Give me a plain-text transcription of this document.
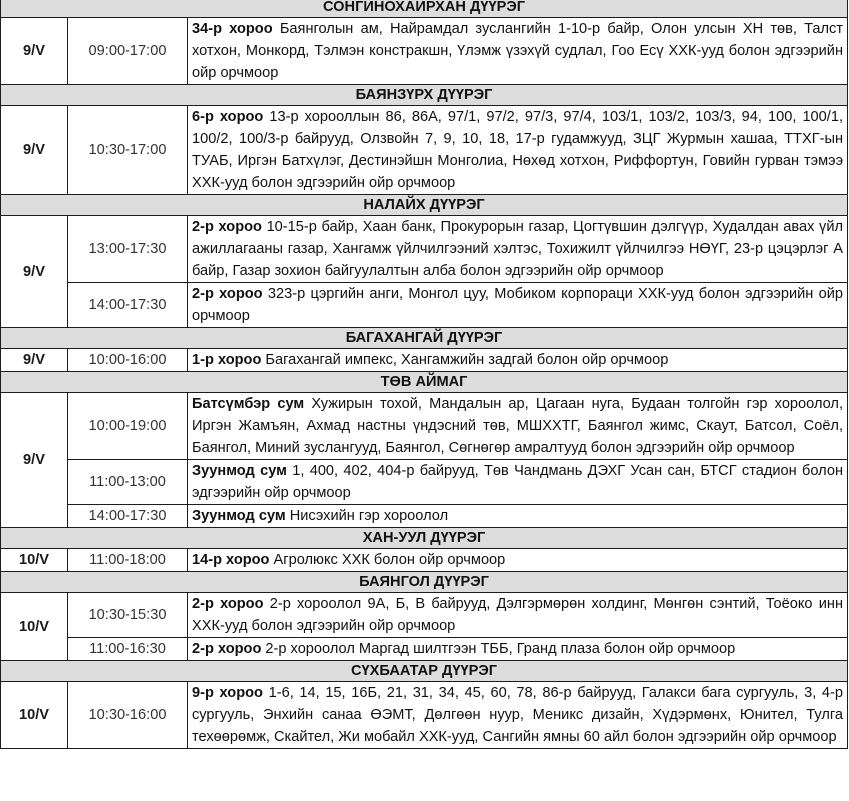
СОНГИНОХАЙРХАН ДҮҮРЭГ		
9/V	09:00-17:00	34-р хороо Баянголын ам, Найрамдал зуслангийн 1-10-р байр, Олон улсын ХН төв, Талст хотхон, Монкорд, Тэлмэн констракшн, Үлэмж үзэхүй судлал, Гоо Есү ХХК-ууд болон эдгээрийн ойр орчмоор
БАЯНЗҮРХ ДҮҮРЭГ		
9/V	10:30-17:00	6-р хороо 13-р хорооллын 86, 86А, 97/1, 97/2, 97/3, 97/4, 103/1, 103/2, 103/3, 94, 100, 100/1, 100/2, 100/3-р байрууд, Олзвойн 7, 9, 10, 18, 17-р гудамжууд, ЗЦГ Журмын хашаа, ТТХГ-ын ТУАБ, Иргэн Батхүлэг, Дестинэйшн Монголиа, Нөхөд хотхон, Риффортун, Говийн гурван тэмээ ХХК-ууд болон эдгээрийн ойр орчмоор
НАЛАЙХ ДҮҮРЭГ		
9/V	13:00-17:30	2-р хороо 10-15-р байр, Хаан банк, Прокурорын газар, Цогтүвшин дэлгүүр, Худалдан авах үйл ажиллагааны газар, Хангамж үйлчилгээний хэлтэс, Тохижилт үйлчилгээ НӨҮГ, 23-р цэцэрлэг А байр, Газар зохион байгуулалтын алба болон эдгээрийн ойр орчмоор
	14:00-17:30	2-р хороо 323-р цэргийн анги, Монгол цуу, Мобиком корпораци ХХК-ууд болон эдгээрийн ойр орчмоор
БАГАХАНГАЙ ДҮҮРЭГ		
9/V	10:00-16:00	1-р хороо Багахангай импекс, Хангамжийн задгай болон ойр орчмоор
ТӨВ АЙМАГ		
9/V	10:00-19:00	Батсүмбэр сум Хужирын тохой, Мандалын ар, Цагаан нуга, Будаан толгойн гэр хороолол, Иргэн Жамъян, Ахмад настны үндэсний төв, МШХХТГ, Баянгол жимс, Скаут, Батсол, Соёл, Баянгол, Миний зуслангууд, Баянгол, Сөгнөгөр амралтууд болон эдгээрийн ойр орчмоор
	11:00-13:00	Зуунмод сум 1, 400, 402, 404-р байрууд, Төв Чандмань ДЭХГ Усан сан, БТСГ стадион болон эдгээрийн ойр орчмоор
	14:00-17:30	Зуунмод сум Нисэхийн гэр хороолол
ХАН-УУЛ ДҮҮРЭГ		
10/V	11:00-18:00	14-р хороо Агролюкс ХХК болон ойр орчмоор
БАЯНГОЛ ДҮҮРЭГ		
10/V	10:30-15:30	2-р хороо 2-р хороолол 9А, Б, В байрууд, Дэлгэрмөрөн холдинг, Мөнгөн сэнтий, Тоёоко инн ХХК-ууд болон эдгээрийн ойр орчмоор
	11:00-16:30	2-р хороо 2-р хороолол Маргад шилтгээн ТББ, Гранд плаза болон ойр орчмоор
СҮХБААТАР ДҮҮРЭГ		
10/V	10:30-16:00	9-р хороо 1-6, 14, 15, 16Б, 21, 31, 34, 45, 60, 78, 86-р байрууд, Галакси бага сургууль, 3, 4-р сургууль, Энхийн санаа ӨЭМТ, Дөлгөөн нуур, Меникс дизайн, Хүдэрмөнх, Юнител, Тулга техөөрөмж, Скайтел, Жи мобайл ХХК-ууд, Сангийн ямны 60 айл болон эдгээрийн ойр орчмоор
